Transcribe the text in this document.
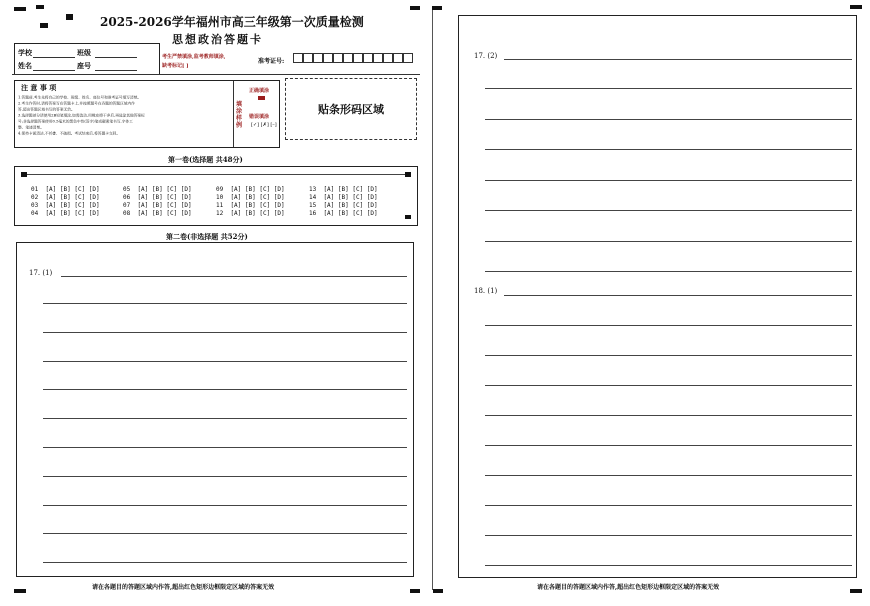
2025-2026学年福州市高三年级第一次质量检测
思想政治答题卡
学校	班级
姓名	座号
考生严禁填涂,监考教师填涂,
缺考标记[ ]
准考证号:
注 意 事 项
1.答题前,考生先将自己的学校、班级、姓名、座位号和准考证号填写清楚。
2.考生作答时,请将答案写在答题卡上,并按照题号在各题的答题区域内作
答,超出答题区域书写的答案无效。
3.选择题部分请使用2B铅笔填涂,如需改动,用橡皮擦干净后,再选涂其他答案标
号;非选择题答案使用0.5毫米的黑色中性(签字)笔或碳素笔书写,字体工
整、笔迹清楚。
4.保持卡面清洁,不折叠、不破损。考试结束后,将答题卡交回。
填涂样例
正确填涂
错误填涂
[✓] [✗] [–]
贴条形码区域
第一卷(选择题 共48分)
01  [A] [B] [C] [D]
02  [A] [B] [C] [D]
03  [A] [B] [C] [D]
04  [A] [B] [C] [D]
05  [A] [B] [C] [D]
06  [A] [B] [C] [D]
07  [A] [B] [C] [D]
08  [A] [B] [C] [D]
09  [A] [B] [C] [D]
10  [A] [B] [C] [D]
11  [A] [B] [C] [D]
12  [A] [B] [C] [D]
13  [A] [B] [C] [D]
14  [A] [B] [C] [D]
15  [A] [B] [C] [D]
16  [A] [B] [C] [D]
第二卷(非选择题 共52分)
17. (1)
请在各题目的答题区域内作答,超出红色矩形边框限定区域的答案无效
17. (2)
18. (1)
请在各题目的答题区域内作答,超出红色矩形边框限定区域的答案无效
